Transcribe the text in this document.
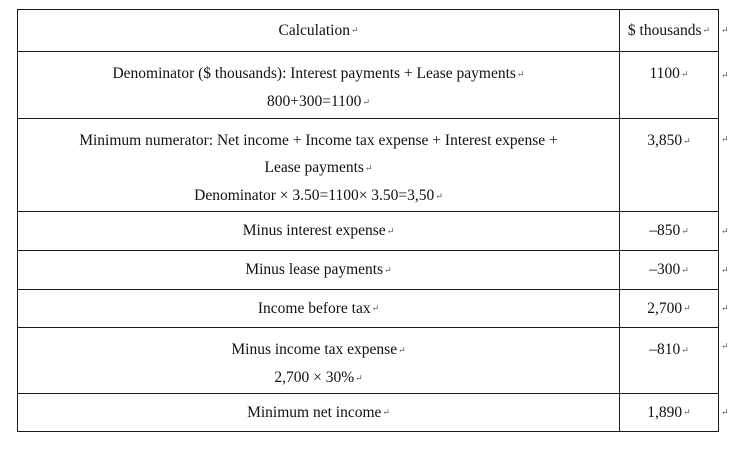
Calculation↵	$ thousands↵

Denominator ($ thousands): Interest payments + Lease payments↵
800+300=1100↵	1100↵

Minimum numerator: Net income + Income tax expense + Interest expense +
Lease payments↵
Denominator × 3.50=1100× 3.50=3,50↵	3,850↵
Minus interest expense↵	–850↵
Minus lease payments↵	–300↵
Income before tax↵	2,700↵

Minus income tax expense↵
2,700 × 30%↵	–810↵
Minimum net income↵	1,890↵
↵
↵
↵
↵
↵
↵
↵
↵
